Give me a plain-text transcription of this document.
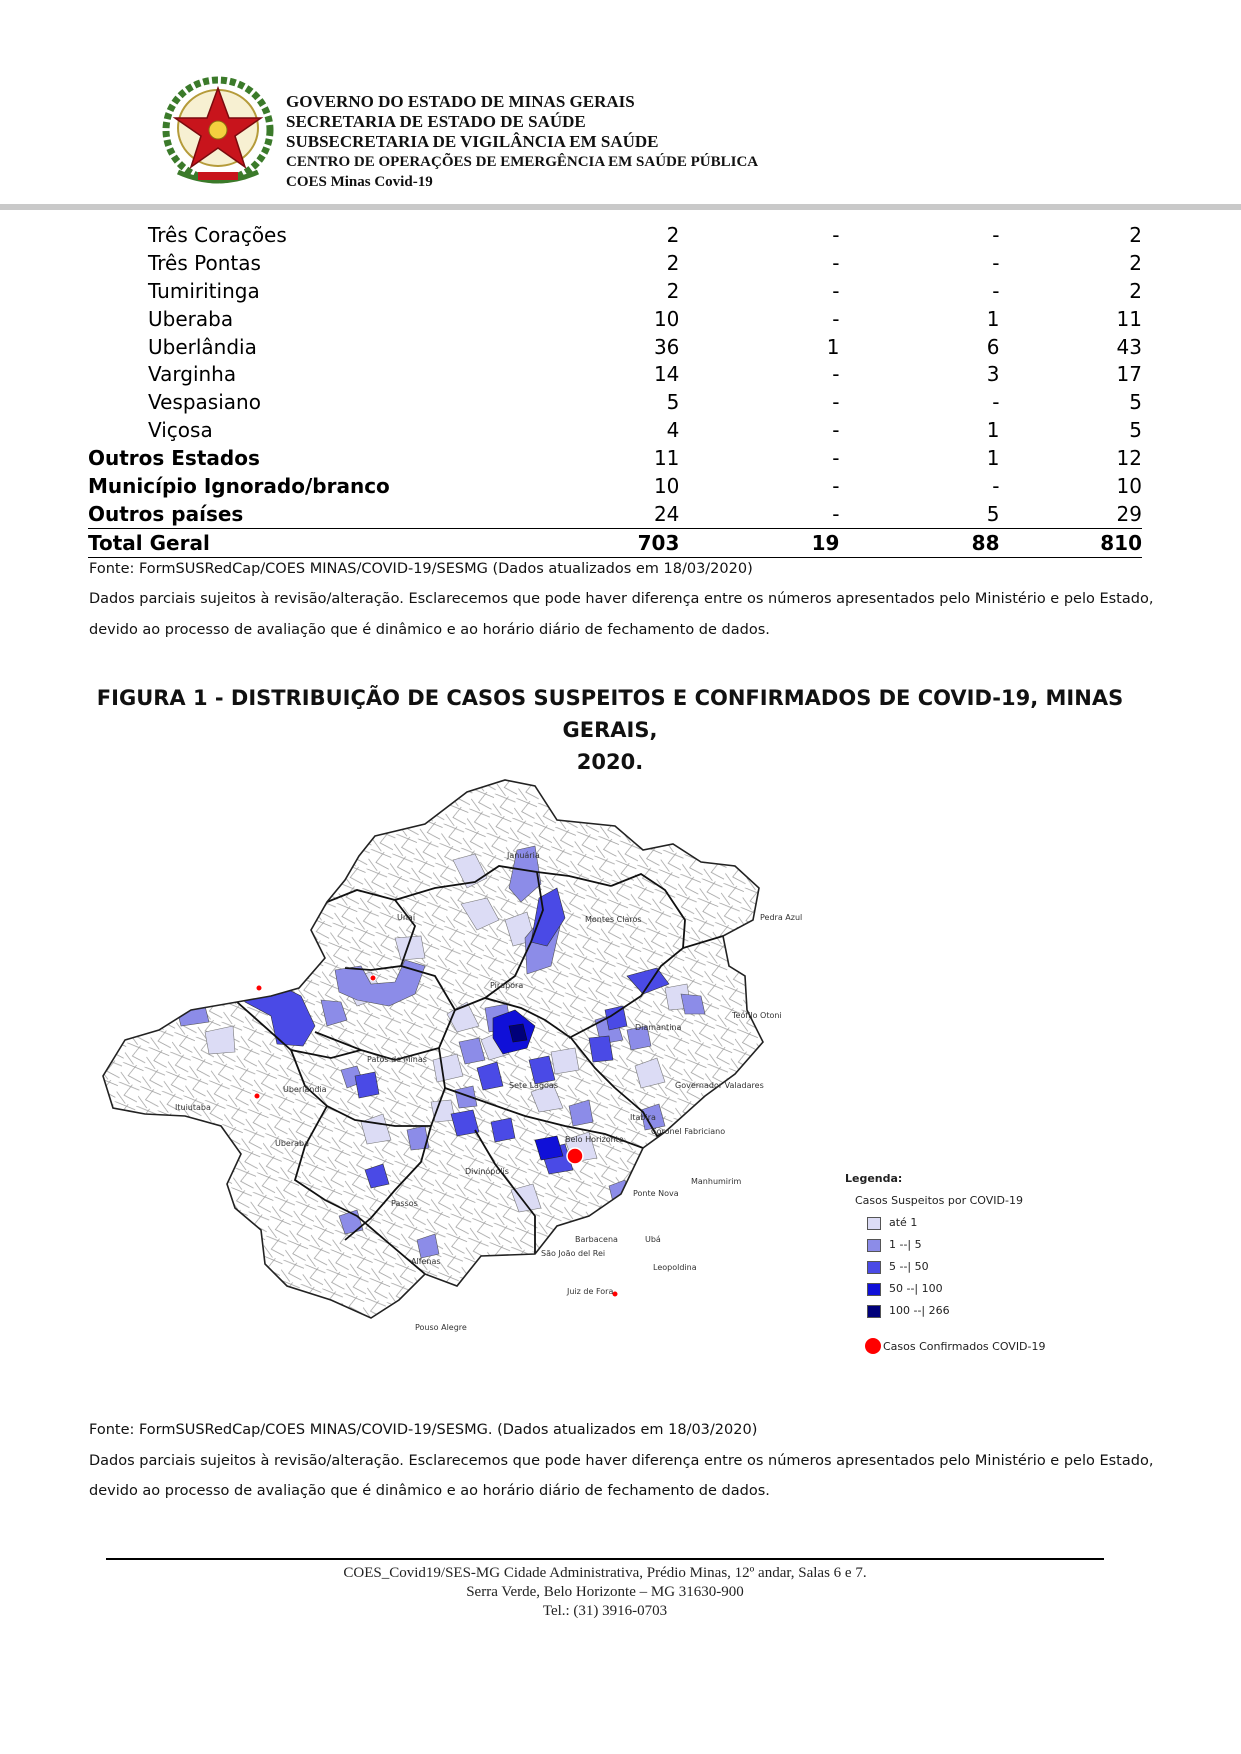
GOVERNO DO ESTADO DE MINAS GERAIS
SECRETARIA DE ESTADO DE SAÚDE
SUBSECRETARIA DE VIGILÂNCIA EM SAÚDE
CENTRO DE OPERAÇÕES DE EMERGÊNCIA EM SAÚDE PÚBLICA
COES Minas Covid-19
Três Corações	2	-	-	2
Três Pontas	2	-	-	2
Tumiritinga	2	-	-	2
Uberaba	10	-	1	11
Uberlândia	36	1	6	43
Varginha	14	-	3	17
Vespasiano	5	-	-	5
Viçosa	4	-	1	5
Outros Estados	11	-	1	12
Município Ignorado/branco	10	-	-	10
Outros países	24	-	5	29
Total Geral	703	19	88	810
Fonte: FormSUSRedCap/COES MINAS/COVID-19/SESMG (Dados atualizados em 18/03/2020)
Dados parciais sujeitos à revisão/alteração. Esclarecemos que pode haver diferença entre os números apresentados pelo Ministério e pelo Estado,
devido ao processo de avaliação que é dinâmico e ao horário diário de fechamento de dados.
FIGURA 1 - DISTRIBUIÇÃO DE CASOS SUSPEITOS E CONFIRMADOS DE COVID-19, MINAS GERAIS,
2020.
Januária
Unaí	Montes Claros	Pedra Azul
Pirapora
Teófilo Otoni
Diamantina
Patos de Minas
Uberlândia	Sete Lagoas	Governador Valadares
Ituiutaba
Itabira
Coronel Fabriciano
Belo Horizonte
Uberaba
Divinópolis
Manhumirim
Passos
Ponte Nova
Barbacena	Ubá
São João del Rei
Alfenas
Leopoldina
Juiz de Fora
Pouso Alegre
Legenda:
Casos Suspeitos por COVID-19
até 1
1 --| 5
5 --| 50
50 --| 100
100 --| 266
Casos Confirmados COVID-19
Fonte: FormSUSRedCap/COES MINAS/COVID-19/SESMG. (Dados atualizados em 18/03/2020)
Dados parciais sujeitos à revisão/alteração. Esclarecemos que pode haver diferença entre os números apresentados pelo Ministério e pelo Estado,
devido ao processo de avaliação que é dinâmico e ao horário diário de fechamento de dados.
COES_Covid19/SES-MG Cidade Administrativa, Prédio Minas, 12º andar, Salas 6 e 7.
Serra Verde, Belo Horizonte – MG 31630-900
Tel.: (31) 3916-0703
